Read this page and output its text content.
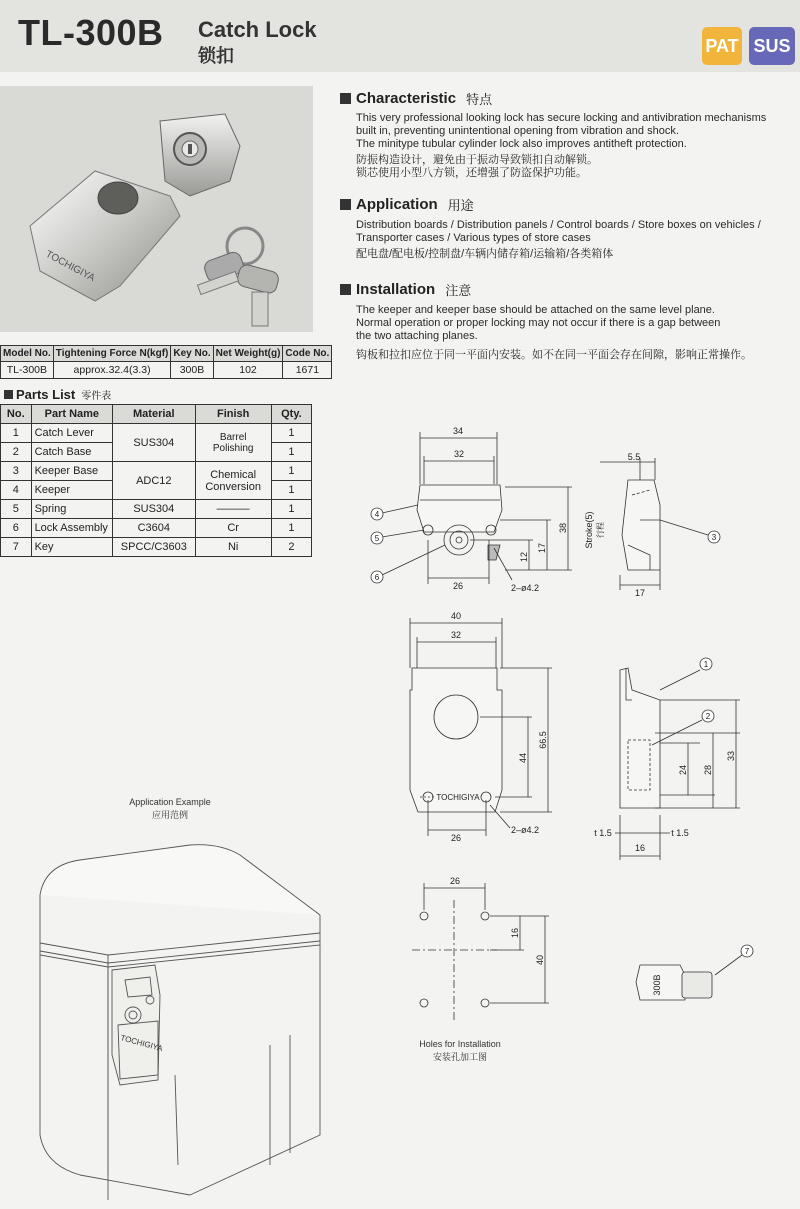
TL-300B Catch Lock
锁扣
PAT SUS
TOCHIGIYA
Model No.	Tightening Force N(kgf)	Key No.	Net Weight(g)	Code No.
TL-300B	approx.32.4(3.3)	300B	102	1671
Parts List 零件表
No.	Part Name	Material	Finish	Qty.
1	Catch Lever	SUS304	Barrel Polishing	1
2	Catch Base			1
3	Keeper Base	ADC12	Chemical
Conversion	1
4	Keeper			1
5	Spring	SUS304	———	1
6	Lock Assembly	C3604	Cr	1
7	Key	SPCC/C3603	Ni	2
Characteristic 特点
This very professional looking lock has secure locking and antivibration mechanisms
built in, preventing unintentional opening from vibration and shock.
The minitype tubular cylinder lock also improves antitheft protection.
防振构造设计，避免由于振动导致锁扣自动解锁。
锁芯使用小型八方锁，还增强了防盗保护功能。
Application 用途
Distribution boards / Distribution panels / Control boards / Store boxes on vehicles /
Transporter cases / Various types of store cases
配电盘/配电板/控制盘/车辆内储存箱/运输箱/各类箱体
Installation 注意
The keeper and keeper base should be attached on the same level plane.
Normal operation or proper locking may not occur if there is a gap between
the two attaching planes.
钩板和拉扣应位于同一平面内安装。如不在同一平面会存在间隙，影响正常操作。
34
32
38
17
12
26	2–ø4.2
5.5
17
Stroke(5) 行程
4
5
6
3
40
32
66.5
44
26
2–ø4.2
24 28
33
t 1.5	t 1.5
16
TOCHIGIYA
1
2
26
16
40
300B
7
Holes for Installation
安装孔加工图
Application Example
应用范例
TOCHIGIYA
